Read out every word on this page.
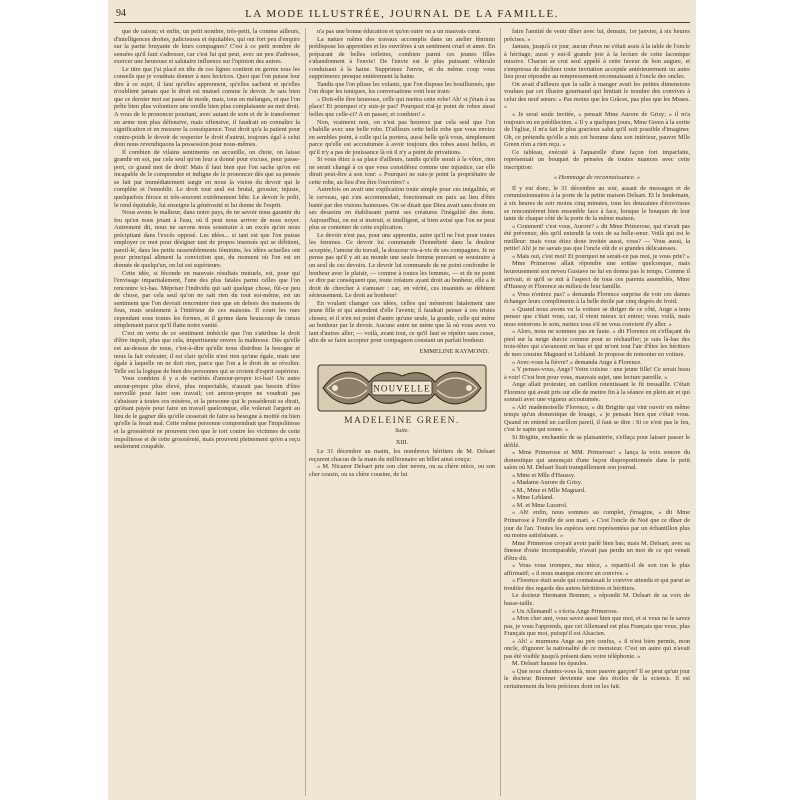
94	LA MODE ILLUSTRÉE, JOURNAL DE LA FAMILLE.

que de raison; et enfin, un petit nombre, très-petit, la comme ailleurs, d'intelligences droites, judicieuses et équitables, qui ont fort peu d'empire sur la partie bruyante de leurs compagnes? C'est à ce petit nombre de sensées qu'il faut s'adresser, car c'est lui qui peut, avec un peu d'adresse, exercer une heureuse et salutaire influence sur l'opinion des autres.

Le titre que j'ai placé en tête de ces lignes contient en germe tous les conseils que je voudrais donner à mes lectrices. Quoi que l'on puisse leur dire à ce sujet, il faut qu'elles apprennent, qu'elles sachent et qu'elles n'oublient jamais que le droit est mutuel comme le devoir. Je sais bien que ce dernier mot est passé de mode, mais, tous en mélanges, et que l'on prête bien plus volontiers une oreille bien plus complaisante au mot droit. A vous de le prononcer pourtant, avec autant de soin et de le transformer en arme non plus défensive, mais offensive, il faudrait en connaître la signification et en mesurer la conséquence. Tout droit qu'a la patient pour contre-poids le devoir de respecter le droit d'autrui, toujours égal à celui dont nous revendiquons la possession pour nous-mêmes.

Il combien de vilains sentiments on accueille, on choie, on laisse grandir en soi, par cela seul qu'on leur a donné pour excuse, pour passe-port, ce grand mot de droit! Mais il faut bien que l'on sache qu'on est incapable de le comprendre et indigne de le prononcer dès que sa pensée se fait par immédiatement surgir en nous la vision du devoir qui le complète et l'ennoblit. Le droit tout seul est brutal, grossier, injuste, quelquefois féroce et très-souvent extrêmement bête. Le devoir le polit, le rend équitable, lui enseigne la générosité et lui donne de l'esprit.

Nous avons le malheur, dans notre pays, de ne savoir nous garantir du feu qu'en nous jetant à l'eau, où il peut nous arriver de nous noyer. Autrement dit, nous ne savons nous soustraire à un excès qu'en nous précipitant dans l'excès opposé. Les idées... si tant est que l'on puisse employer ce mot pour désigner tant de propos insensés qui se débitent, pareil-lé, dans les petits rassemblements féminins, les idées actuelles ont pour principal aliment la conviction que, du moment où l'on est en donnée de quelqu'un, on lui est supérieure.

Cette idée, si féconde en mauvais résultats mutuels, est, pour qui l'envisage impartialement, l'une des plus fatales parmi celles que l'on rencontre ici-bas. Mépriser l'individu qui sait quelque chose, fût-ce peu de chose, par cela seul qu'on ne sait rien du tout soi-même, est un sentiment que l'on devrait rencontrer rien que en dehors des maisons de fous, mais seulement à l'intérieur de ces maisons. Il court les rues cependant sous toutes les formes, et il germe dans beaucoup de cœurs simplement parce qu'il flatte notre vanité.

C'est en vertu de ce sentiment imbécile que l'on s'attribue le droit d'être impoli, plus que cela, impertinente envers la maîtresse. Dès qu'elle est au-dessus de nous, c'est-à-dire qu'elle nous distribue la besogne et nous la fait exécuter, il est clair qu'elle n'est rien qu'une égale, mais une égale à laquelle on ne doit rien, parce que l'on a le droit de se révolter. Telle est la logique de bien des personnes qui se croient d'esprit supérieur.

Vous combien il y a de variétés d'amour-propre ici-bas! Un autre amour-propre plus élevé, plus respectable, n'aurait pas besoin d'être surveillé pour faire son travail; cet amour-propre ne voudrait pas s'abaisser à toutes ces misères, et la personne qui le posséderait se dirait, qu'étant payée pour faire un travail quelconque, elle volerait l'argent au lieu de le gagner dès qu'elle cesserait de faire sa besogne à moitié ou bien qu'elle la ferait mal. Cette même personne comprendrait que l'impolitesse et la grossièreté ne prouvent rien que le tort contre les victimes de cette impolitesse et de cette grossièreté, mais prouvent pleinement qu'en a reçu seulement coupable.

n'a pas une bonne éducation et qu'en outre on a un mauvais cœur.

La nature même des travaux accomplis dans un atelier féminin prédispose les apprenties et les ouvrières à un sentiment cruel et amer. En préparant de belles toilettes, combien parmi ces jeunes filles s'abandonnent à l'envie! De l'envie est le plus puissant véhicule conduisant à la haine. Supprimez l'envie, et du même coup vous supprimerez presque entièrement la haine.

Tandis que l'on plisse les volants, que l'on dispose les bouillonnés, que l'on drape les tuniques, les conversations vont leur train:

« Doit-elle être heureuse, celle qui mettra cette robe! Ah! si j'étais à sa place! Et pourquoi n'y suis-je pas? Pourquoi n'ai-je point de robes aussi belles que celle-ci? A en passer, et combien! »

Non, vraiment non, on n'est pas heureux par cela seul que l'on s'habille avec une belle robe. D'ailleurs cette belle robe que vous enviez en sembles point, à celle qui la portera, aussi belle qu'à vous, simplement parce qu'elle est accoutumée à avoir toujours des robes aussi belles, et qu'il n'y a pas de jouissance là où il n'y a point de privations.

Si vous étiez à sa place d'ailleurs, tandis qu'elle serait à la vôtre, rien ne serait changé à ce que vous considérez comme une injustice, car elle dirait peut-être à son tour: « Pourquoi ne suis-je point la propriétaire de cette robe, au lieu d'en être l'ouvrière? »

Autrefois on avait une explication toute simple pour ces inégalités, et le cerveau, qui s'en accommodait, fonctionnait en paix au lieu d'être hanté par des visions haineuses. On se disait que Dieu avait sans doute en ses desseins en établissant parmi ses créatures l'inégalité des dons. Aujourd'hui, on est si instruit, si intelligent, si bien avisé que l'on ne peut plus se contenter de cette explication.

Le devoir n'est pas, pour une apprentie, autre qu'il ne l'est pour toutes les femmes. Ce devoir lui commande l'honnêteté dans la douleur acceptée, l'amour du travail, la douceur vis-à-vis de ses compagnes. Je ne pense pas qu'il y ait au monde une seule femme pouvant se soustraire à un seul de ces devoirs. Le devoir lui commande de ne point confondre le bonheur avec le plaisir, — comme à toutes les femmes, — et de ne point se dire par conséquent que, toute créature ayant droit au bonheur, elle a le droit de chercher à s'amuser : car, en vérité, ces insanités se débitent sérieusement. Le droit au bonheur!

En voulant changer ces idées, celles qui mèneront fatalement une jeune fille et qui attendent d'elle l'avenir, il faudrait penser à ces tristes choses; et il n'en est point d'autre qu'une seule, la grande, celle qui mène au bonheur par le devoir. Aucune autre ne mène que là où vous avez vu tant d'autres aller; — voilà, avant tout, ce qu'il faut se répéter sans cesse, afin de se faire accepter pour compagnon constant un parfait bonheur.

EMMELINE RAYMOND.
NOUVELLE
MADELEINE GREEN.
Suite.
XIII.

Le 31 décembre au matin, les nombreux héritiers de M. Delsart reçurent chacun de la main du millionnaire un billet ainsi conçu:

« M. Nicanor Delsart prie son cher neveu, ou sa chère nièce, ou son cher cousin, ou sa chère cousine, de lui

faire l'amitié de venir dîner avec lui, demain, 1er janvier, à six heures précises. »

Jamais, jusqu'à ce jour, aucun d'eux ne s'était assis à la table de l'oncle à héritage; aussi y eut-il grande joie à la lecture de cette laconique missive. Chacun se crut seul appelé à cette faveur de bon augure, et s'empressa de décliner toute invitation acceptée antérieurement ou autre lieu pour répondre au rempressement reconnaissant à l'oncle des oncles.

On avait d'ailleurs que la salle à manger avait les petites dimensions voulues par cet illustre gourmand qui limitait le nombre des convives à celui des neuf sœurs: « Pas moins que les Grâces, pas plus que les Muses. »

« Je serai seule invitée, » pensait Mme Aurore de Grisy; « il m'a toujours eu en prédilection. » Il y a quelques jours, Mme Green à la sortie de l'église, il m'a fait le plus gracieux salut qu'il soit possible d'imaginer. Oh, ce prétendu qu'elle a mis cet homme dans son intérieur, pauvre Mlle Green n'en a rien reçu. »

Ce tableau, exécuté à l'aquarelle d'une façon fort imparfaite, représentait un bouquet de pensées de toutes nuances avec cette inscription:

« Hommage de reconnaissance. »

Il y eut donc, le 31 décembre au soir, assaut de messages et de commissionnaires à la porte de la petite maison Delsart. Et le lendemain, à six heures de soir moins cinq minutes, tous les douzaines d'écrevisses se rencontrèrent bien ensemble face à face, lorsque le bouquet de leur tante de chaque côté de la porte de la même maison.

« Comment! c'est vous, Aurore? » dit Mme Primerose, qui n'avait pas été prévenue, dès qu'il entendit la voix de sa belle-sœur. Voilà qui est le meilleur: mais vous étiez done invitée aussi, vous? — Vous aussi, la petite! Ah! je ne savais pas que l'oncle eût de si grandes délicatesses.

« Mais oui, c'est moi! Et pourquoi ne serait-ce pas moi, je vous prie? »

Mme Primerose allait répondre une sottise quelconque, mais heureusement son neveu Gustave ne lui en donna pas le temps. Comme il arrivait, et qu'il se mit à l'aspect de tous ces parents assemblés, Mme d'Haussy et Florence au milieu de leur famille.

« Vous n'entrez pas? » demanda Florence surprise de voir ces dames échanger leurs compliments à la belle étoile par cinq degrés de froid.

« Quand nous avons vu la voiture se diriger de ce côté, Ange a tenu penser que c'était vous, car, il vient mieux ici entrer; vous voilà, mais nous entrerons le soin, mettez tous s'il ne vous convient d'y aller. »

« Alors, nous ne sommes pas en faute. » dit Florence en s'effaçant du pied sur la neige durcie comme pour se réchauffer; je suis là-bas des trois-têtes qui s'avancent en bas et qui m'ont tout l'air d'être les héritiers de mes cousins Magnard et Lebland. Je propose de remonter en voiture.

« Avec-vous la fièvre? » demanda Ange à Florence.

« Y penses-vous, Ange? Votre cuisine : une jeune fille! Ce serait beau à voir! C'est bon pour vous, mauvais sujet, une lecture pareille. »

Ange allait protester, un carillon retentissant le fit tressaillir. C'était Florence qui avait pris sur elle de mettre fin à la séance en plein air et qui sonnait avec une vigueur accoutumée.

« Ah! mademoiselle Florence, » dit Brigitte qui vint ouvrir en même temps qu'un domestique de louage, « je pensais bien que c'était vous. Quand on entend un carillon pareil, il faut se dire : Si ce n'est pas le feu, c'est le sapin qui sonne. »

Si Brigitte, enchantée de sa plaisanterie, s'effaça pour laisser passer le défilé.

« Mme Primerose et MM. Primerose! » lança la voix sonore du domestique qui annonçait d'une façon disproportionnée dans le petit salon où M. Delsart lisait tranquillement son journal.

« Mme et Mlle d'Haussy.

« Madame Aurore de Grisy.

« M., Mme et Mlle Magnard.

« Mme Lebland.

« M. et Mme Lucerol.

« Ah! enfin, nous sommes au complet, j'imagine, » dit Mme Primerose à l'oreille de son mari. « C'est l'oncle de Noë que ce dîner de jour de l'an. Toutes les espèces sont représentées par un échantillon plus ou moins satisfaisant. »

Mme Primerose croyait avoir parlé bien bas; mais M. Delsart, avec sa finesse d'ouïe incomparable, n'avait pas perdu un mot de ce qui venait d'être dit.

« Vous vous trompez, ma nièce, » repartit-il de son ton le plus affirmatif; « il nous manque encore un convive. »

« Florence était seule qui connaissait le convive attendu et qui parut se troubler des regards des autres héritières et héritiers.

Le docteur Hermann Brenner, » répondit M. Delsart de sa voix de basse-taille.

« Un Allemand! » s'écria Ange Primerose.

« Mon cher ami, vous savez aussi bien que moi, et si vous ne le savez pas, je vous l'apprends, que cet Allemand est plus Français que vous, plus Français que moi, puisqu'il est Alsacien.

« Ah! » murmura Ange au pen confus, « il n'est bien permis, mon oncle, d'ignorer la nationalité de ce monsieur. C'est un autre qui n'avait pas été visible jusqu'à présent dans votre téléphonie. »

M. Delsart hausse les épaules.

« Que nous chantez-vous là, mon pauvre garçon? Il se peut qu'un jour le docteur Brenner devienne une des étoiles de la science. Il est certainement du bois précieux dont on les fait.
